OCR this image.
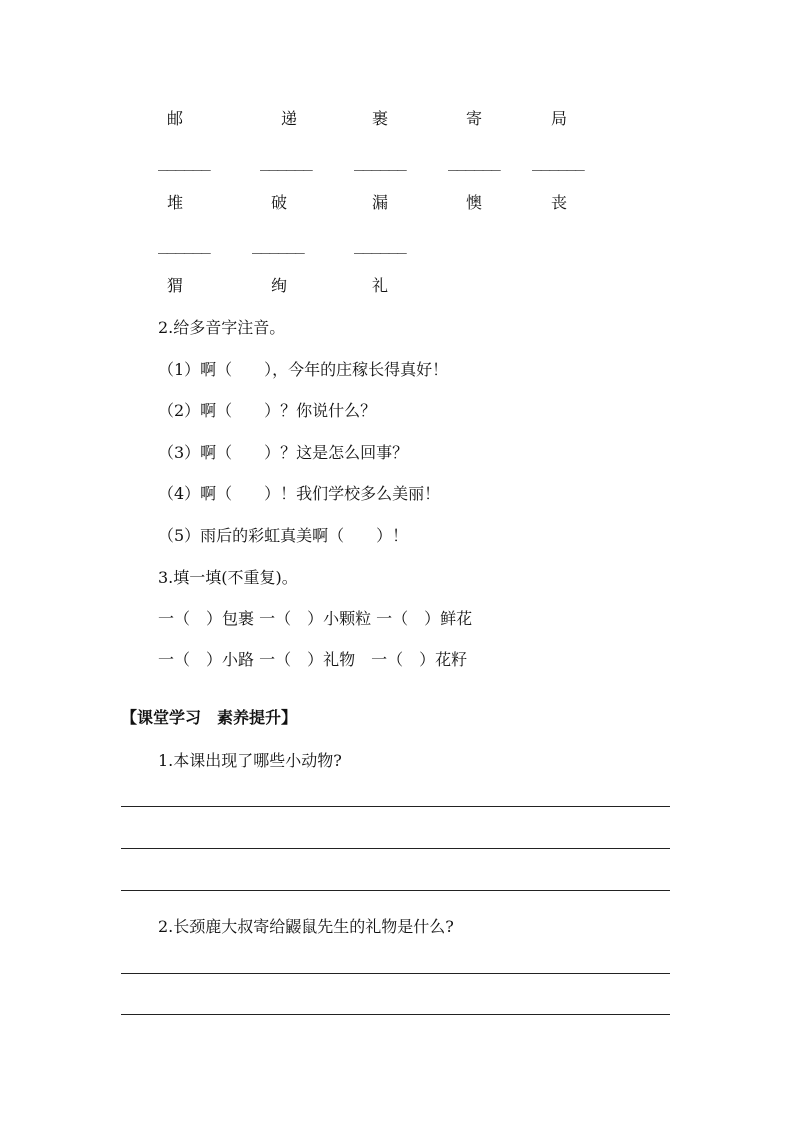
邮	递	裹	寄	局
______	______	______	______ ______
堆	破	漏	懊	丧
______	______	______
猬	绚	礼
2.给多音字注音。
（1）啊（　　），今年的庄稼长得真好！
（2）啊（　　）？你说什么？
（3）啊（　　）？这是怎么回事？
（4）啊（　　）！我们学校多么美丽！
（5）雨后的彩虹真美啊（　　）！
3.填一填(不重复)。
一（　）包裹 一（　）小颗粒 一（　）鲜花
一（　）小路 一（　）礼物　一（　）花籽
【课堂学习　素养提升】
1.本课出现了哪些小动物?
2.长颈鹿大叔寄给鼹鼠先生的礼物是什么?
